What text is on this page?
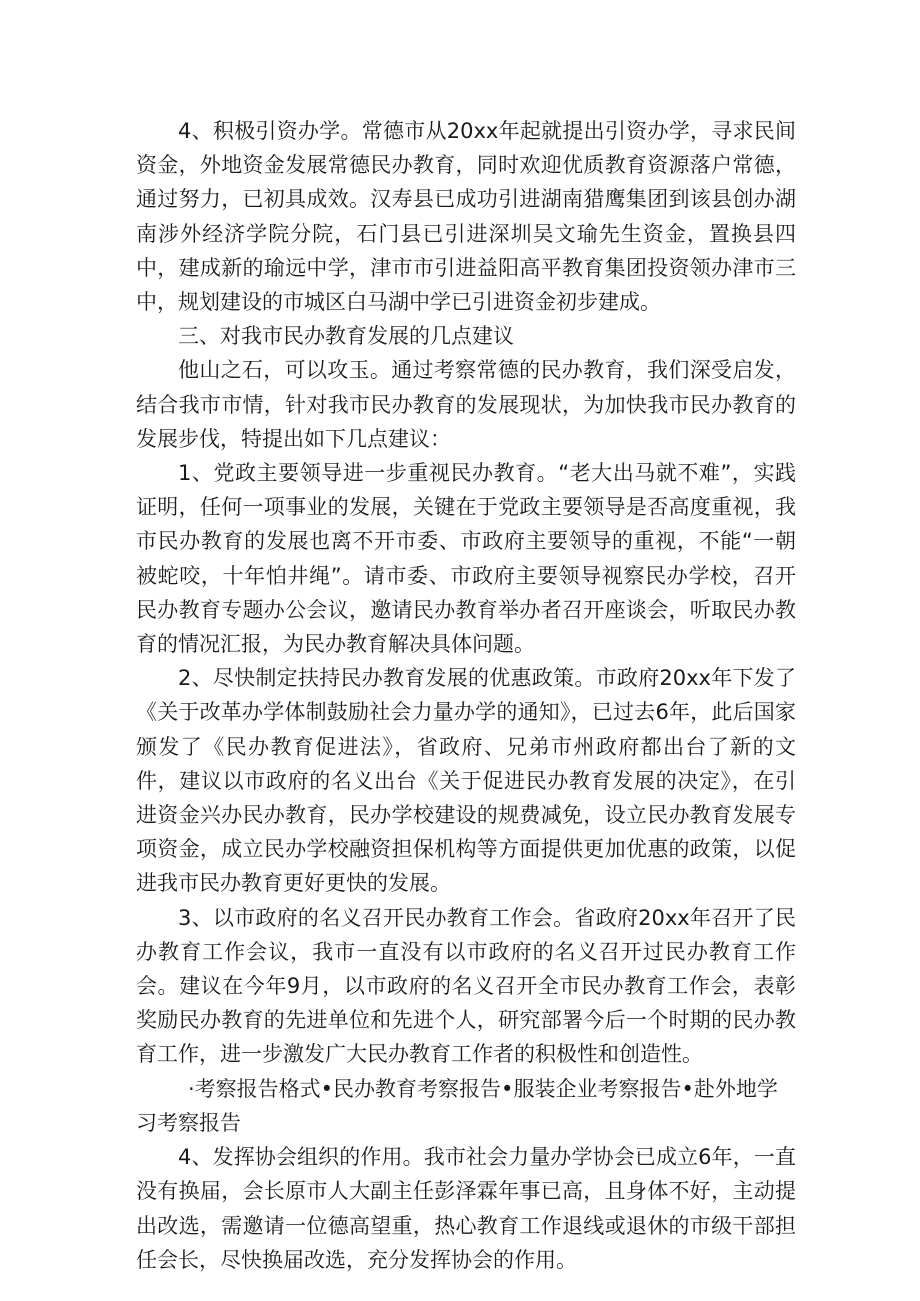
4、积极引资办学。常德市从20xx年起就提出引资办学，寻求民间资金，外地资金发展常德民办教育，同时欢迎优质教育资源落户常德，通过努力，已初具成效。汉寿县已成功引进湖南猎鹰集团到该县创办湖南涉外经济学院分院，石门县已引进深圳吴文瑜先生资金，置换县四中，建成新的瑜远中学，津市市引进益阳高平教育集团投资领办津市三中，规划建设的市城区白马湖中学已引进资金初步建成。

三、对我市民办教育发展的几点建议

他山之石，可以攻玉。通过考察常德的民办教育，我们深受启发，结合我市市情，针对我市民办教育的发展现状，为加快我市民办教育的发展步伐，特提出如下几点建议：

1、党政主要领导进一步重视民办教育。“老大出马就不难”，实践证明，任何一项事业的发展，关键在于党政主要领导是否高度重视，我市民办教育的发展也离不开市委、市政府主要领导的重视，不能“一朝被蛇咬，十年怕井绳”。请市委、市政府主要领导视察民办学校，召开民办教育专题办公会议，邀请民办教育举办者召开座谈会，听取民办教育的情况汇报，为民办教育解决具体问题。

2、尽快制定扶持民办教育发展的优惠政策。市政府20xx年下发了《关于改革办学体制鼓励社会力量办学的通知》，已过去6年，此后国家颁发了《民办教育促进法》，省政府、兄弟市州政府都出台了新的文件，建议以市政府的名义出台《关于促进民办教育发展的决定》，在引进资金兴办民办教育，民办学校建设的规费减免，设立民办教育发展专项资金，成立民办学校融资担保机构等方面提供更加优惠的政策，以促进我市民办教育更好更快的发展。

3、以市政府的名义召开民办教育工作会。省政府20xx年召开了民办教育工作会议，我市一直没有以市政府的名义召开过民办教育工作会。建议在今年9月，以市政府的名义召开全市民办教育工作会，表彰奖励民办教育的先进单位和先进个人，研究部署今后一个时期的民办教育工作，进一步激发广大民办教育工作者的积极性和创造性。

·考察报告格式•民办教育考察报告•服装企业考察报告•赴外地学习考察报告

4、发挥协会组织的作用。我市社会力量办学协会已成立6年，一直没有换届，会长原市人大副主任彭泽霖年事已高，且身体不好，主动提出改选，需邀请一位德高望重，热心教育工作退线或退休的市级干部担任会长，尽快换届改选，充分发挥协会的作用。
